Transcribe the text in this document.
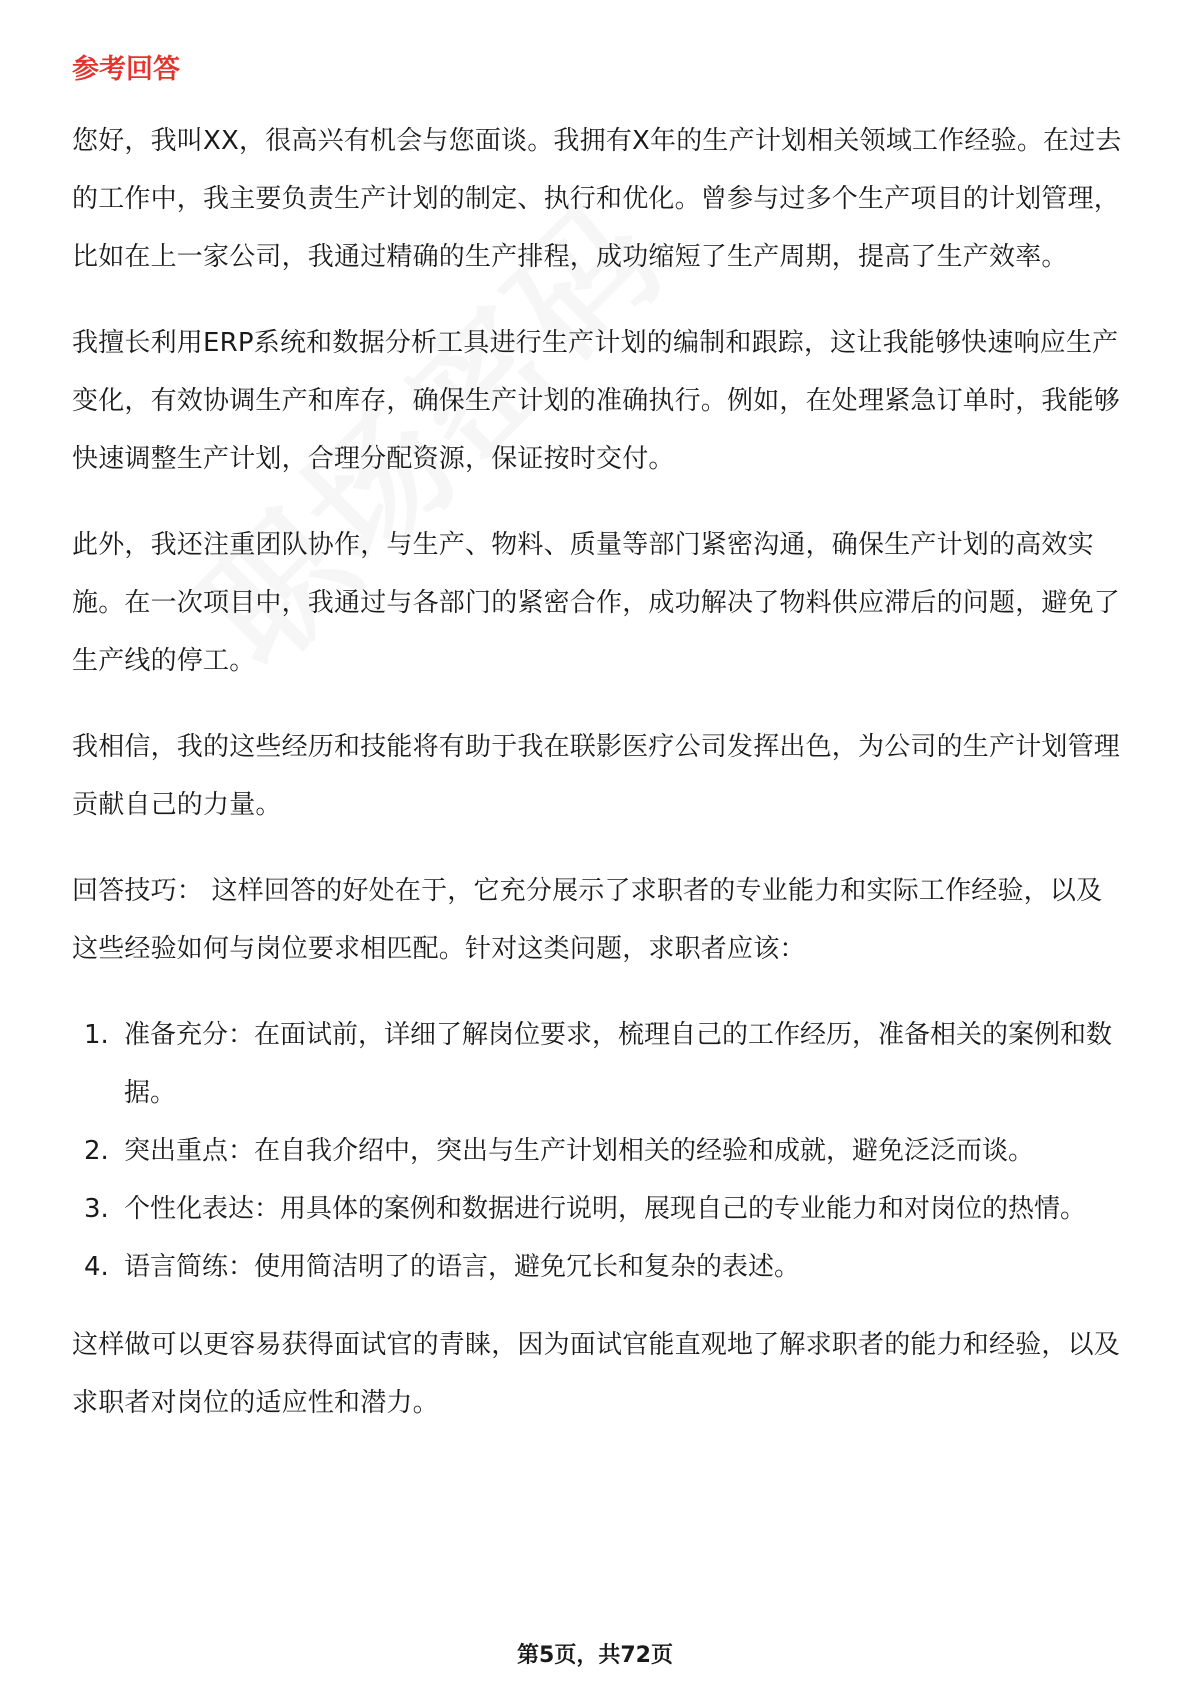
参考回答

您好，我叫XX，很高兴有机会与您面谈。我拥有X年的生产计划相关领域工作经验。在过去的工作中，我主要负责生产计划的制定、执行和优化。曾参与过多个生产项目的计划管理，比如在上一家公司，我通过精确的生产排程，成功缩短了生产周期，提高了生产效率。

我擅长利用ERP系统和数据分析工具进行生产计划的编制和跟踪，这让我能够快速响应生产变化，有效协调生产和库存，确保生产计划的准确执行。例如，在处理紧急订单时，我能够快速调整生产计划，合理分配资源，保证按时交付。

此外，我还注重团队协作，与生产、物料、质量等部门紧密沟通，确保生产计划的高效实施。在一次项目中，我通过与各部门的紧密合作，成功解决了物料供应滞后的问题，避免了生产线的停工。

我相信，我的这些经历和技能将有助于我在联影医疗公司发挥出色，为公司的生产计划管理贡献自己的力量。

回答技巧： 这样回答的好处在于，它充分展示了求职者的专业能力和实际工作经验，以及这些经验如何与岗位要求相匹配。针对这类问题，求职者应该：

1. 准备充分：在面试前，详细了解岗位要求，梳理自己的工作经历，准备相关的案例和数据。
2. 突出重点：在自我介绍中，突出与生产计划相关的经验和成就，避免泛泛而谈。
3. 个性化表达：用具体的案例和数据进行说明，展现自己的专业能力和对岗位的热情。
4. 语言简练：使用简洁明了的语言，避免冗长和复杂的表述。

这样做可以更容易获得面试官的青睐，因为面试官能直观地了解求职者的能力和经验，以及求职者对岗位的适应性和潜力。

第5页，共72页
